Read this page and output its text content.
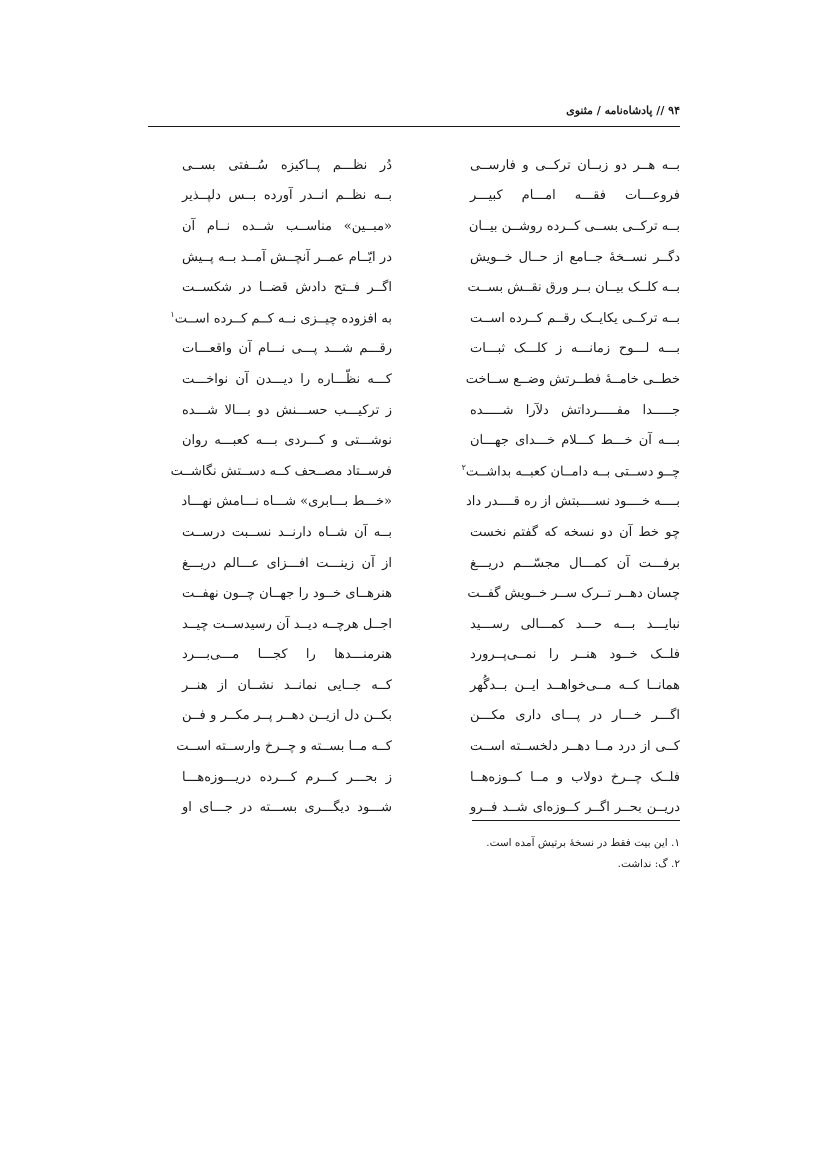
۹۴ // پادشاه‌نامه / مثنوی
بــه هــر دو زبــان ترکــی و فارســی
دُر نظـــم پــاکیزه سُــفتی بســی
فروعـــات فقـــه امـــام کبیـــر
بــه نظــم انــدر آورده بــس دلپــذیر
بــه ترکــی بســی کــرده روشــن بیــان
«مبــین» مناســب شــده نــام آن
دگــر نســخهٔ جــامع از حــال خــویش
در ایّــام عمــر آنچــش آمــد بــه پــیش
بــه کلــک بیــان بــر ورق نقــش بســت
اگــر فــتح دادش قضــا در شکســت
بــه ترکــی یکایــک رقــم کــرده اســت
به افزوده چیــزی نــه کــم کــرده اســت$^۱$
بـــه لـــوح زمانـــه ز کلـــک ثبـــات
رقـــم شـــد پـــی نـــام آن واقعـــات
خطــی خامــهٔ فطــرتش وضــع ســاخت
کـــه نظّـــاره را دیـــدن آن نواخـــت
جـــــدا مفـــــرداتش دلآرا شـــــده
ز ترکیـــب حســـنش دو بـــالا شـــده
بـــه آن خـــط کـــلام خـــدای جهـــان
نوشـــتی و کـــردی بـــه کعبـــه روان
چــو دســتی بــه دامــان کعبــه بداشــت$^۲$
فرســتاد مصــحف کــه دســتش نگاشــت
بــــه خــــود نســــبتش از ره قــــدر داد
«خـــط بـــابری» شـــاه نـــامش نهـــاد
چو خط آن دو نسخه که گفتم نخست
بــه آن شــاه دارنــد نســبت درســت
برفـــت آن کمـــال مجسّـــم دریـــغ
از آن زینـــت افـــزای عـــالم دریـــغ
چسان دهــر تــرک ســر خــویش گفــت
هنرهــای خــود را جهــان چــون نهفــت
نبایـــد بـــه حـــد کمـــالی رســـید
اجــل هرچــه دیــد آن رسیدســت چیــد
فلــک خــود هنــر را نمــی‌پــرورد
هنرمنـــدها را کجـــا مـــی‌بـــرد
همانــا کــه مــی‌خواهــد ایــن بــدگُهر
کــه جــایی نمانــد نشــان از هنــر
اگـــر خـــار در پـــای داری مکـــن
بکــن دل ازیــن دهــر پــر مکــر و فــن
کــی از درد مــا دهــر دلخســته اســت
کــه مــا بســته و چــرخ وارســته اســت
فلــک چــرخ دولاب و مــا کــوزه‌هــا
ز بحـــر کـــرم کـــرده دریـــوزه‌هـــا
دریــن بحــر اگــر کــوزه‌ای شــد فــرو
شـــود دیگـــری بســـته در جـــای او
۱. این بیت فقط در نسخهٔ برتیش آمده است.
۲. گ: نداشت.
